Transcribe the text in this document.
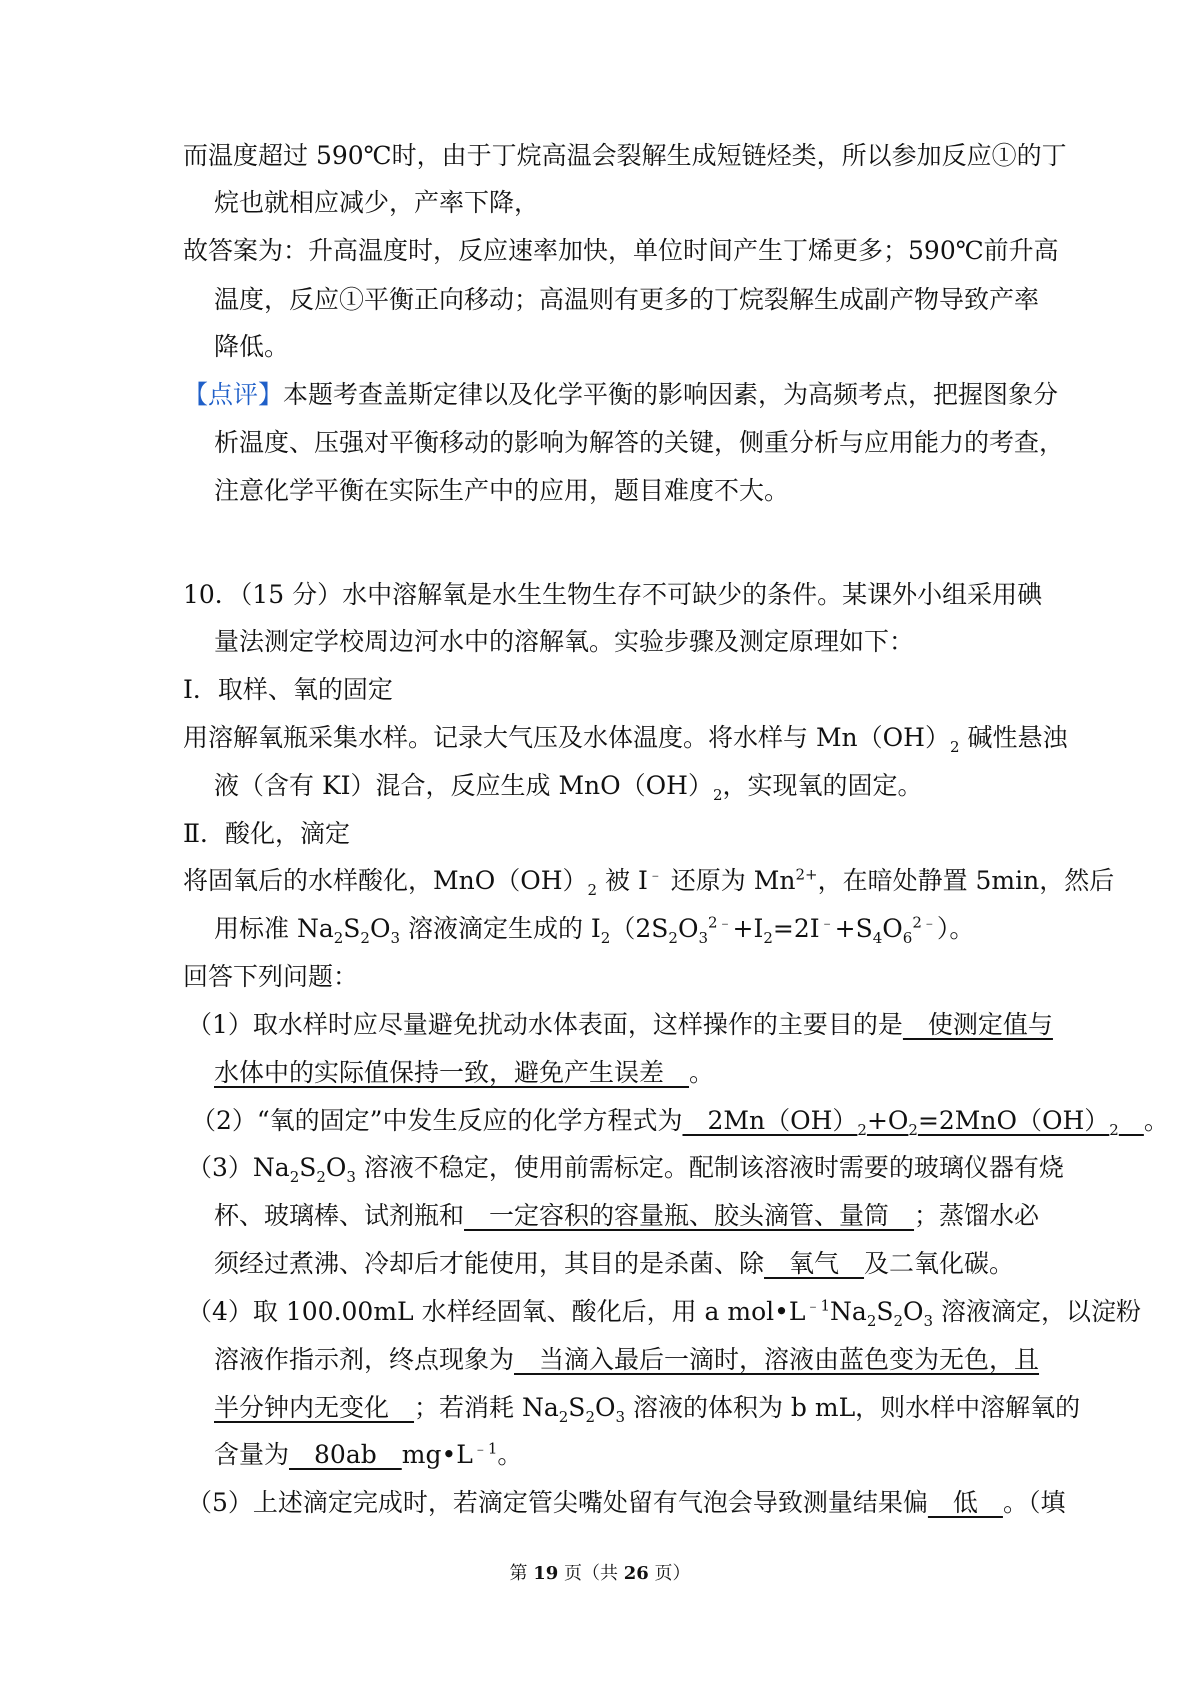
而温度超过 590℃时，由于丁烷高温会裂解生成短链烃类，所以参加反应①的丁
烷也就相应减少，产率下降，
故答案为：升高温度时，反应速率加快，单位时间产生丁烯更多；590℃前升高
温度，反应①平衡正向移动；高温则有更多的丁烷裂解生成副产物导致产率
降低。
【点评】本题考查盖斯定律以及化学平衡的影响因素，为高频考点，把握图象分
析温度、压强对平衡移动的影响为解答的关键，侧重分析与应用能力的考查，
注意化学平衡在实际生产中的应用，题目难度不大。
10．（15 分）水中溶解氧是水生生物生存不可缺少的条件。某课外小组采用碘
量法测定学校周边河水中的溶解氧。实验步骤及测定原理如下：
Ⅰ．取样、氧的固定
用溶解氧瓶采集水样。记录大气压及水体温度。将水样与 $Mn(OH)_2$ 碱性悬浊
液（含有 KI）混合，反应生成 $MnO(OH)_2$，实现氧的固定。
Ⅱ．酸化，滴定
将固氧后的水样酸化，$MnO(OH)_2$ 被 I﹣ 还原为 $Mn^{2+}$，在暗处静置 5min，然后
用标准 $Na_2S_2O_3$ 溶液滴定生成的 $I_2(2S_2O_3^{2﹣}+I_2=2I^﹣+S_4O_6^{2﹣})$。
回答下列问题：
（1）取水样时应尽量避免扰动水体表面，这样操作的主要目的是　使测定值与
水体中的实际值保持一致，避免产生误差　。
（2）“氧的固定”中发生反应的化学方程式为　$2Mn(OH)_2+O_2=2MnO(OH)_2$　 。
$(3)Na_2S_2O_3$ 溶液不稳定，使用前需标定。配制该溶液时需要的玻璃仪器有烧
杯、玻璃棒、试剂瓶和　一定容积的容量瓶、胶头滴管、量筒　；蒸馏水必
须经过煮沸、冷却后才能使用，其目的是杀菌、除　氧气　及二氧化碳。
（4）取 100.00mL 水样经固氧、酸化后，用 a $mol•L^{﹣1}Na_2S_2O_3$ 溶液滴定，以淀粉
溶液作指示剂，终点现象为　当滴入最后一滴时，溶液由蓝色变为无色，且
半分钟内无变化　；若消耗 $Na_2S_2O_3$ 溶液的体积为 b mL，则水样中溶解氧的
含量为　80ab　$mg•L^{﹣1}$。
（5）上述滴定完成时，若滴定管尖嘴处留有气泡会导致测量结果偏　低　。（填
第 19 页（共 26 页）
